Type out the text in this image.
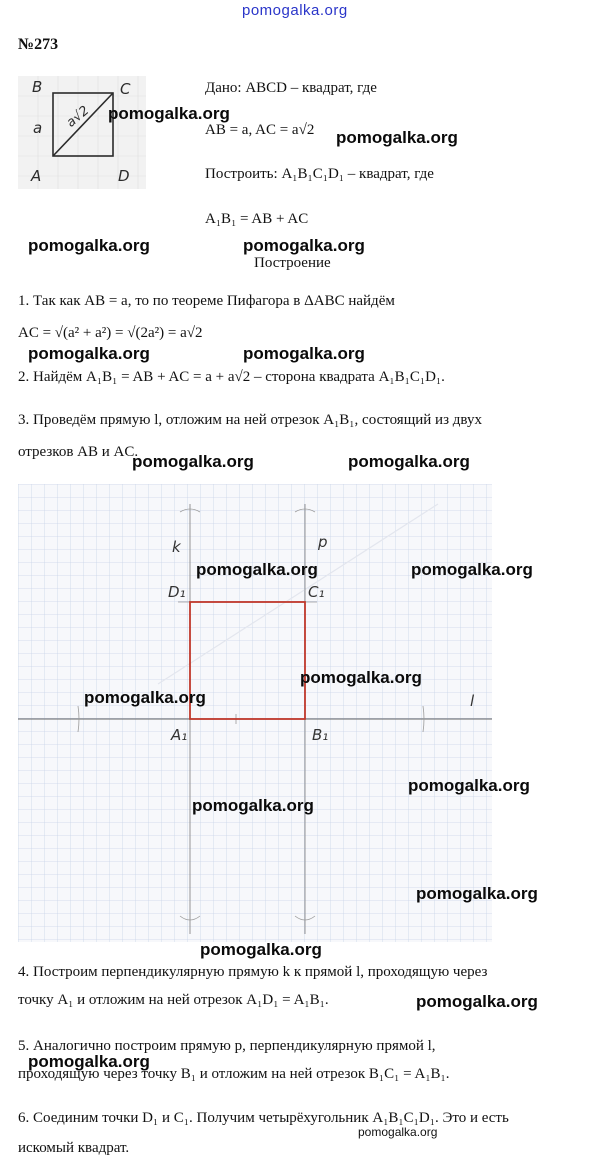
pomogalka.org
№273
B	C
A	D
a a√2
Дано: ABCD – квадрат, где
AB = a, AC = a√2
Построить: A₁B₁C₁D₁ – квадрат, где
A₁B₁ = AB + AC
Построение
1. Так как AB = a, то по теореме Пифагора в ΔABC найдём
AC = √(a² + a²) = √(2a²) = a√2
2. Найдём A₁B₁ = AB + AC = a + a√2 – сторона квадрата A₁B₁C₁D₁.
3. Проведём прямую l, отложим на ней отрезок A₁B₁, состоящий из двух
отрезков AB и AC.
k	p
l
D₁	C₁
A₁	B₁
4. Построим перпендикулярную прямую k к прямой l, проходящую через
точку A₁ и отложим на ней отрезок A₁D₁ = A₁B₁.
5. Аналогично построим прямую p, перпендикулярную прямой l,
проходящую через точку B₁ и отложим на ней отрезок B₁C₁ = A₁B₁.
6. Соединим точки D₁ и C₁. Получим четырёхугольник A₁B₁C₁D₁. Это и есть
искомый квадрат.
pomogalka.org
pomogalka.org
pomogalka.org	pomogalka.org
pomogalka.org	pomogalka.org
pomogalka.org	pomogalka.org
pomogalka.org	pomogalka.org
pomogalka.org
pomogalka.org
pomogalka.org
pomogalka.org
pomogalka.org
pomogalka.org
pomogalka.org
pomogalka.org
pomogalka.org
